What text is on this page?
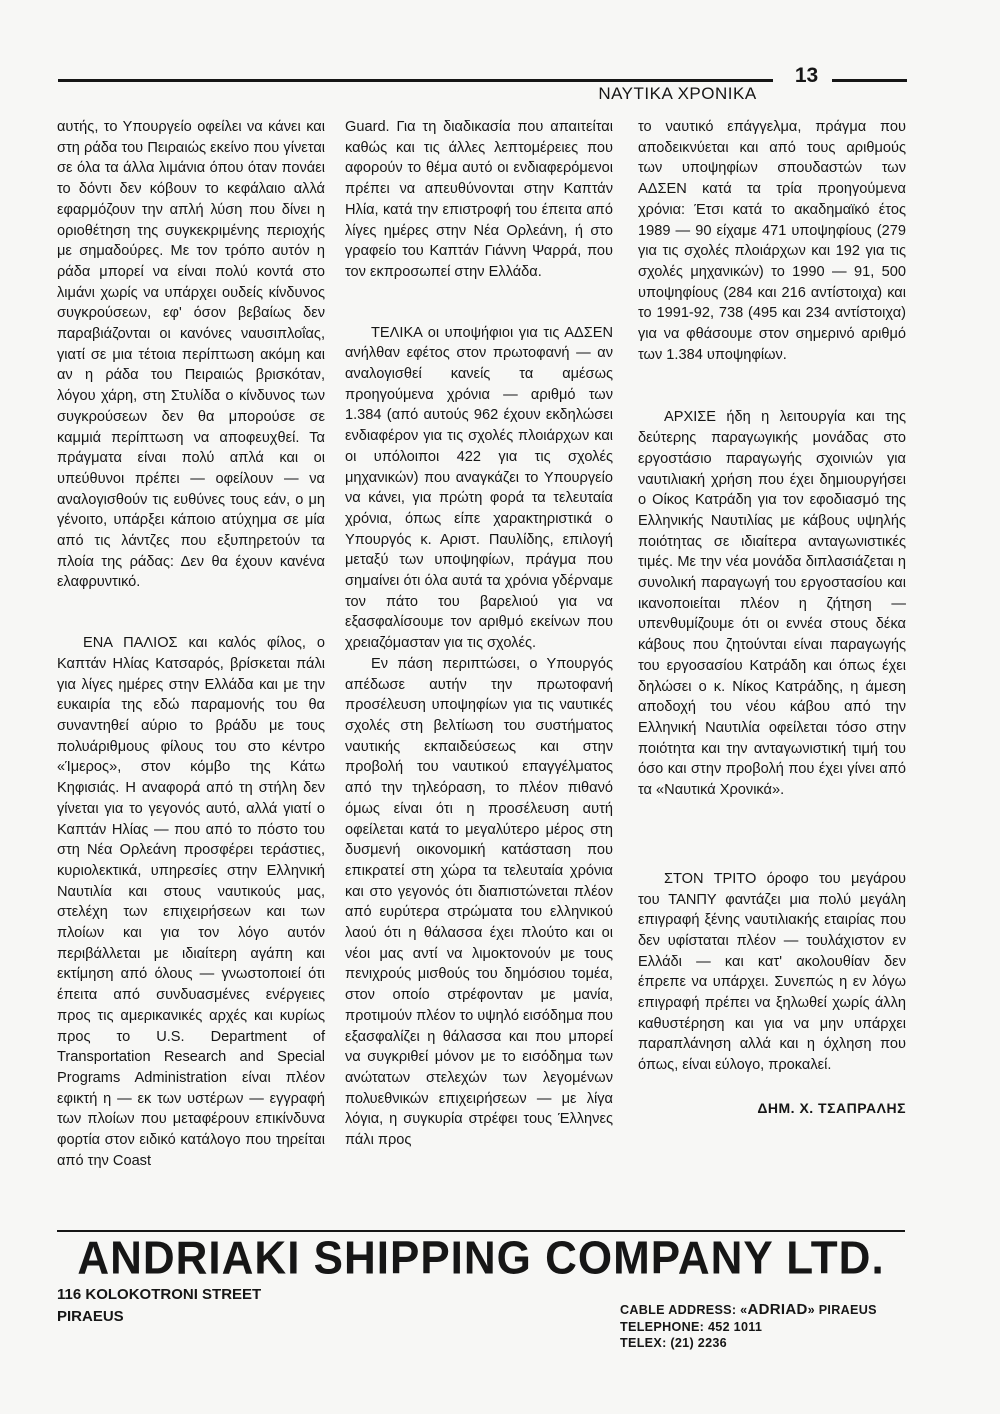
ΝΑΥΤΙΚΑ ΧΡΟΝΙΚΑ
13

αυτής, το Υπουργείο οφείλει να κάνει και στη ράδα του Πειραιώς εκείνο που γίνεται σε όλα τα άλλα λιμάνια όπου όταν πονάει το δόντι δεν κόβουν το κεφάλαιο αλλά εφαρμόζουν την απλή λύση που δίνει η οριοθέτηση της συγκεκριμένης περιοχής με σημαδούρες. Με τον τρόπο αυτόν η ράδα μπορεί να είναι πολύ κοντά στο λιμάνι χωρίς να υπάρχει ουδείς κίνδυνος συγκρούσεων, εφ' όσον βεβαίως δεν παραβιάζονται οι κανόνες ναυσιπλοΐας, γιατί σε μια τέτοια περίπτωση ακόμη και αν η ράδα του Πειραιώς βρισκόταν, λόγου χάρη, στη Στυλίδα ο κίνδυνος των συγκρούσεων δεν θα μπορούσε σε καμμιά περίπτωση να αποφευχθεί. Τα πράγματα είναι πολύ απλά και οι υπεύθυνοι πρέπει — οφείλουν — να αναλογισθούν τις ευθύνες τους εάν, ο μη γένοιτο, υπάρξει κάποιο ατύχημα σε μία από τις λάντζες που εξυπηρετούν τα πλοία της ράδας: Δεν θα έχουν κανένα ελαφρυντικό.

ΕΝΑ ΠΑΛΙΟΣ και καλός φίλος, ο Καπτάν Ηλίας Κατσαρός, βρίσκεται πάλι για λίγες ημέρες στην Ελλάδα και με την ευκαιρία της εδώ παραμονής του θα συναντηθεί αύριο το βράδυ με τους πολυάριθμους φίλους του στο κέντρο «Ίμερος», στον κόμβο της Κάτω Κηφισιάς. Η αναφορά από τη στήλη δεν γίνεται για το γεγονός αυτό, αλλά γιατί ο Καπτάν Ηλίας — που από το πόστο του στη Νέα Ορλεάνη προσφέρει τεράστιες, κυριολεκτικά, υπηρεσίες στην Ελληνική Ναυτιλία και στους ναυτικούς μας, στελέχη των επιχειρήσεων και των πλοίων και για τον λόγο αυτόν περιβάλλεται με ιδιαίτερη αγάπη και εκτίμηση από όλους — γνωστοποιεί ότι έπειτα από συνδυασμένες ενέργειες προς τις αμερικανικές αρχές και κυρίως προς το U.S. Department of Transportation Research and Special Programs Administration είναι πλέον εφικτή η — εκ των υστέρων — εγγραφή των πλοίων που μεταφέρουν επικίνδυνα φορτία στον ειδικό κατάλογο που τηρείται από την Coast

Guard. Για τη διαδικασία που απαιτείται καθώς και τις άλλες λεπτομέρειες που αφορούν το θέμα αυτό οι ενδιαφερόμενοι πρέπει να απευθύνονται στην Καπτάν Ηλία, κατά την επιστροφή του έπειτα από λίγες ημέρες στην Νέα Ορλεάνη, ή στο γραφείο του Καπτάν Γιάννη Ψαρρά, που τον εκπροσωπεί στην Ελλάδα.

ΤΕΛΙΚΑ οι υποψήφιοι για τις ΑΔΣΕΝ ανήλθαν εφέτος στον πρωτοφανή — αν αναλογισθεί κανείς τα αμέσως προηγούμενα χρόνια — αριθμό των 1.384 (από αυτούς 962 έχουν εκδηλώσει ενδιαφέρον για τις σχολές πλοιάρχων και οι υπόλοιποι 422 για τις σχολές μηχανικών) που αναγκάζει το Υπουργείο να κάνει, για πρώτη φορά τα τελευταία χρόνια, όπως είπε χαρακτηριστικά ο Υπουργός κ. Αριστ. Παυλίδης, επιλογή μεταξύ των υποψηφίων, πράγμα που σημαίνει ότι όλα αυτά τα χρόνια γδέρναμε τον πάτο του βαρελιού για να εξασφαλίσουμε τον αριθμό εκείνων που χρειαζόμασταν για τις σχολές.

Εν πάση περιπτώσει, ο Υπουργός απέδωσε αυτήν την πρωτοφανή προσέλευση υποψηφίων για τις ναυτικές σχολές στη βελτίωση του συστήματος ναυτικής εκπαιδεύσεως και στην προβολή του ναυτικού επαγγέλματος από την τηλεόραση, το πλέον πιθανό όμως είναι ότι η προσέλευση αυτή οφείλεται κατά το μεγαλύτερο μέρος στη δυσμενή οικονομική κατάσταση που επικρατεί στη χώρα τα τελευταία χρόνια και στο γεγονός ότι διαπιστώνεται πλέον από ευρύτερα στρώματα του ελληνικού λαού ότι η θάλασσα έχει πλούτο και οι νέοι μας αντί να λιμοκτονούν με τους πενιχρούς μισθούς του δημόσιου τομέα, στον οποίο στρέφονταν με μανία, προτιμούν πλέον το υψηλό εισόδημα που εξασφαλίζει η θάλασσα και που μπορεί να συγκριθεί μόνον με το εισόδημα των ανώτατων στελεχών των λεγομένων πολυεθνικών επιχειρήσεων — με λίγα λόγια, η συγκυρία στρέφει τους Έλληνες πάλι προς

το ναυτικό επάγγελμα, πράγμα που αποδεικνύεται και από τους αριθμούς των υποψηφίων σπουδαστών των ΑΔΣΕΝ κατά τα τρία προηγούμενα χρόνια: Έτσι κατά το ακαδημαϊκό έτος 1989 — 90 είχαμε 471 υποψηφίους (279 για τις σχολές πλοιάρχων και 192 για τις σχολές μηχανικών) το 1990 — 91, 500 υποψηφίους (284 και 216 αντίστοιχα) και το 1991-92, 738 (495 και 234 αντίστοιχα) για να φθάσουμε στον σημερινό αριθμό των 1.384 υποψηφίων.

ΑΡΧΙΣΕ ήδη η λειτουργία και της δεύτερης παραγωγικής μονάδας στο εργοστάσιο παραγωγής σχοινιών για ναυτιλιακή χρήση που έχει δημιουργήσει ο Οίκος Κατράδη για τον εφοδιασμό της Ελληνικής Ναυτιλίας με κάβους υψηλής ποιότητας σε ιδιαίτερα ανταγωνιστικές τιμές. Με την νέα μονάδα διπλασιάζεται η συνολική παραγωγή του εργοστασίου και ικανοποιείται πλέον η ζήτηση — υπενθυμίζουμε ότι οι εννέα στους δέκα κάβους που ζητούνται είναι παραγωγής του εργοσασίου Κατράδη και όπως έχει δηλώσει ο κ. Νίκος Κατράδης, η άμεση αποδοχή του νέου κάβου από την Ελληνική Ναυτιλία οφείλεται τόσο στην ποιότητα και την ανταγωνιστική τιμή του όσο και στην προβολή που έχει γίνει από τα «Ναυτικά Χρονικά».

ΣΤΟΝ ΤΡΙΤΟ όροφο του μεγάρου του ΤΑΝΠΥ φαντάζει μια πολύ μεγάλη επιγραφή ξένης ναυτιλιακής εταιρίας που δεν υφίσταται πλέον — τουλάχιστον εν Ελλάδι — και κατ' ακολουθίαν δεν έπρεπε να υπάρχει. Συνεπώς η εν λόγω επιγραφή πρέπει να ξηλωθεί χωρίς άλλη καθυστέρηση και για να μην υπάρχει παραπλάνηση αλλά και η όχληση που όπως, είναι εύλογο, προκαλεί.

ΔΗΜ. Χ. ΤΣΑΠΡΑΛΗΣ
ANDRIAKI SHIPPING COMPANY LTD.
116 KOLOKOTRONI STREET
PIRAEUS	CABLE ADDRESS: «ADRIAD» PIRAEUS
TELEPHONE: 452 1011
TELEX: (21) 2236
